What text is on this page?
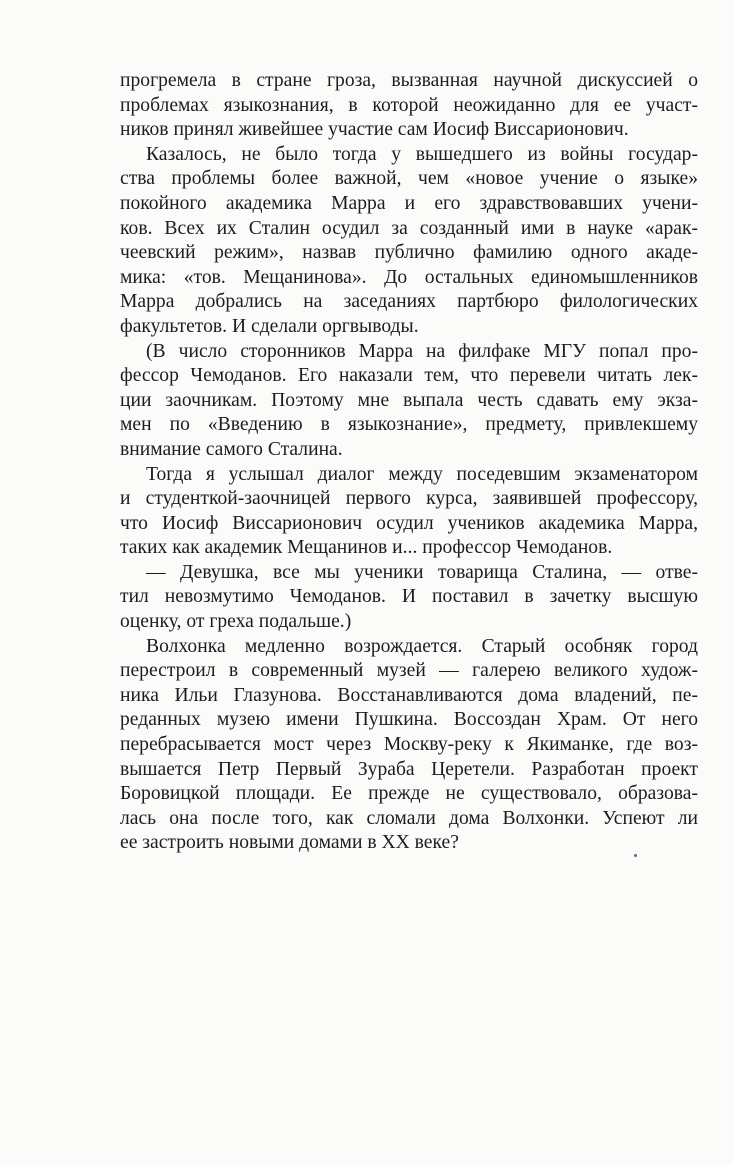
прогремела в стране гроза, вызванная научной дискуссией о
проблемах языкознания, в которой неожиданно для ее участ-
ников принял живейшее участие сам Иосиф Виссарионович.
Казалось, не было тогда у вышедшего из войны государ-
ства проблемы более важной, чем «новое учение о языке»
покойного академика Марра и его здравствовавших учени-
ков. Всех их Сталин осудил за созданный ими в науке «арак-
чеевский режим», назвав публично фамилию одного акаде-
мика: «тов. Мещанинова». До остальных единомышленников
Марра добрались на заседаниях партбюро филологических
факультетов. И сделали оргвыводы.
(В число сторонников Марра на филфаке МГУ попал про-
фессор Чемоданов. Его наказали тем, что перевели читать лек-
ции заочникам. Поэтому мне выпала честь сдавать ему экза-
мен по «Введению в языкознание», предмету, привлекшему
внимание самого Сталина.
Тогда я услышал диалог между поседевшим экзаменатором
и студенткой-заочницей первого курса, заявившей профессору,
что Иосиф Виссарионович осудил учеников академика Марра,
таких как академик Мещанинов и... профессор Чемоданов.
— Девушка, все мы ученики товарища Сталина, — отве-
тил невозмутимо Чемоданов. И поставил в зачетку высшую
оценку, от греха подальше.)
Волхонка медленно возрождается. Старый особняк город
перестроил в современный музей — галерею великого худож-
ника Ильи Глазунова. Восстанавливаются дома владений, пе-
реданных музею имени Пушкина. Воссоздан Храм. От него
перебрасывается мост через Москву-реку к Якиманке, где воз-
вышается Петр Первый Зураба Церетели. Разработан проект
Боровицкой площади. Ее прежде не существовало, образова-
лась она после того, как сломали дома Волхонки. Успеют ли
ее застроить новыми домами в XX веке?
